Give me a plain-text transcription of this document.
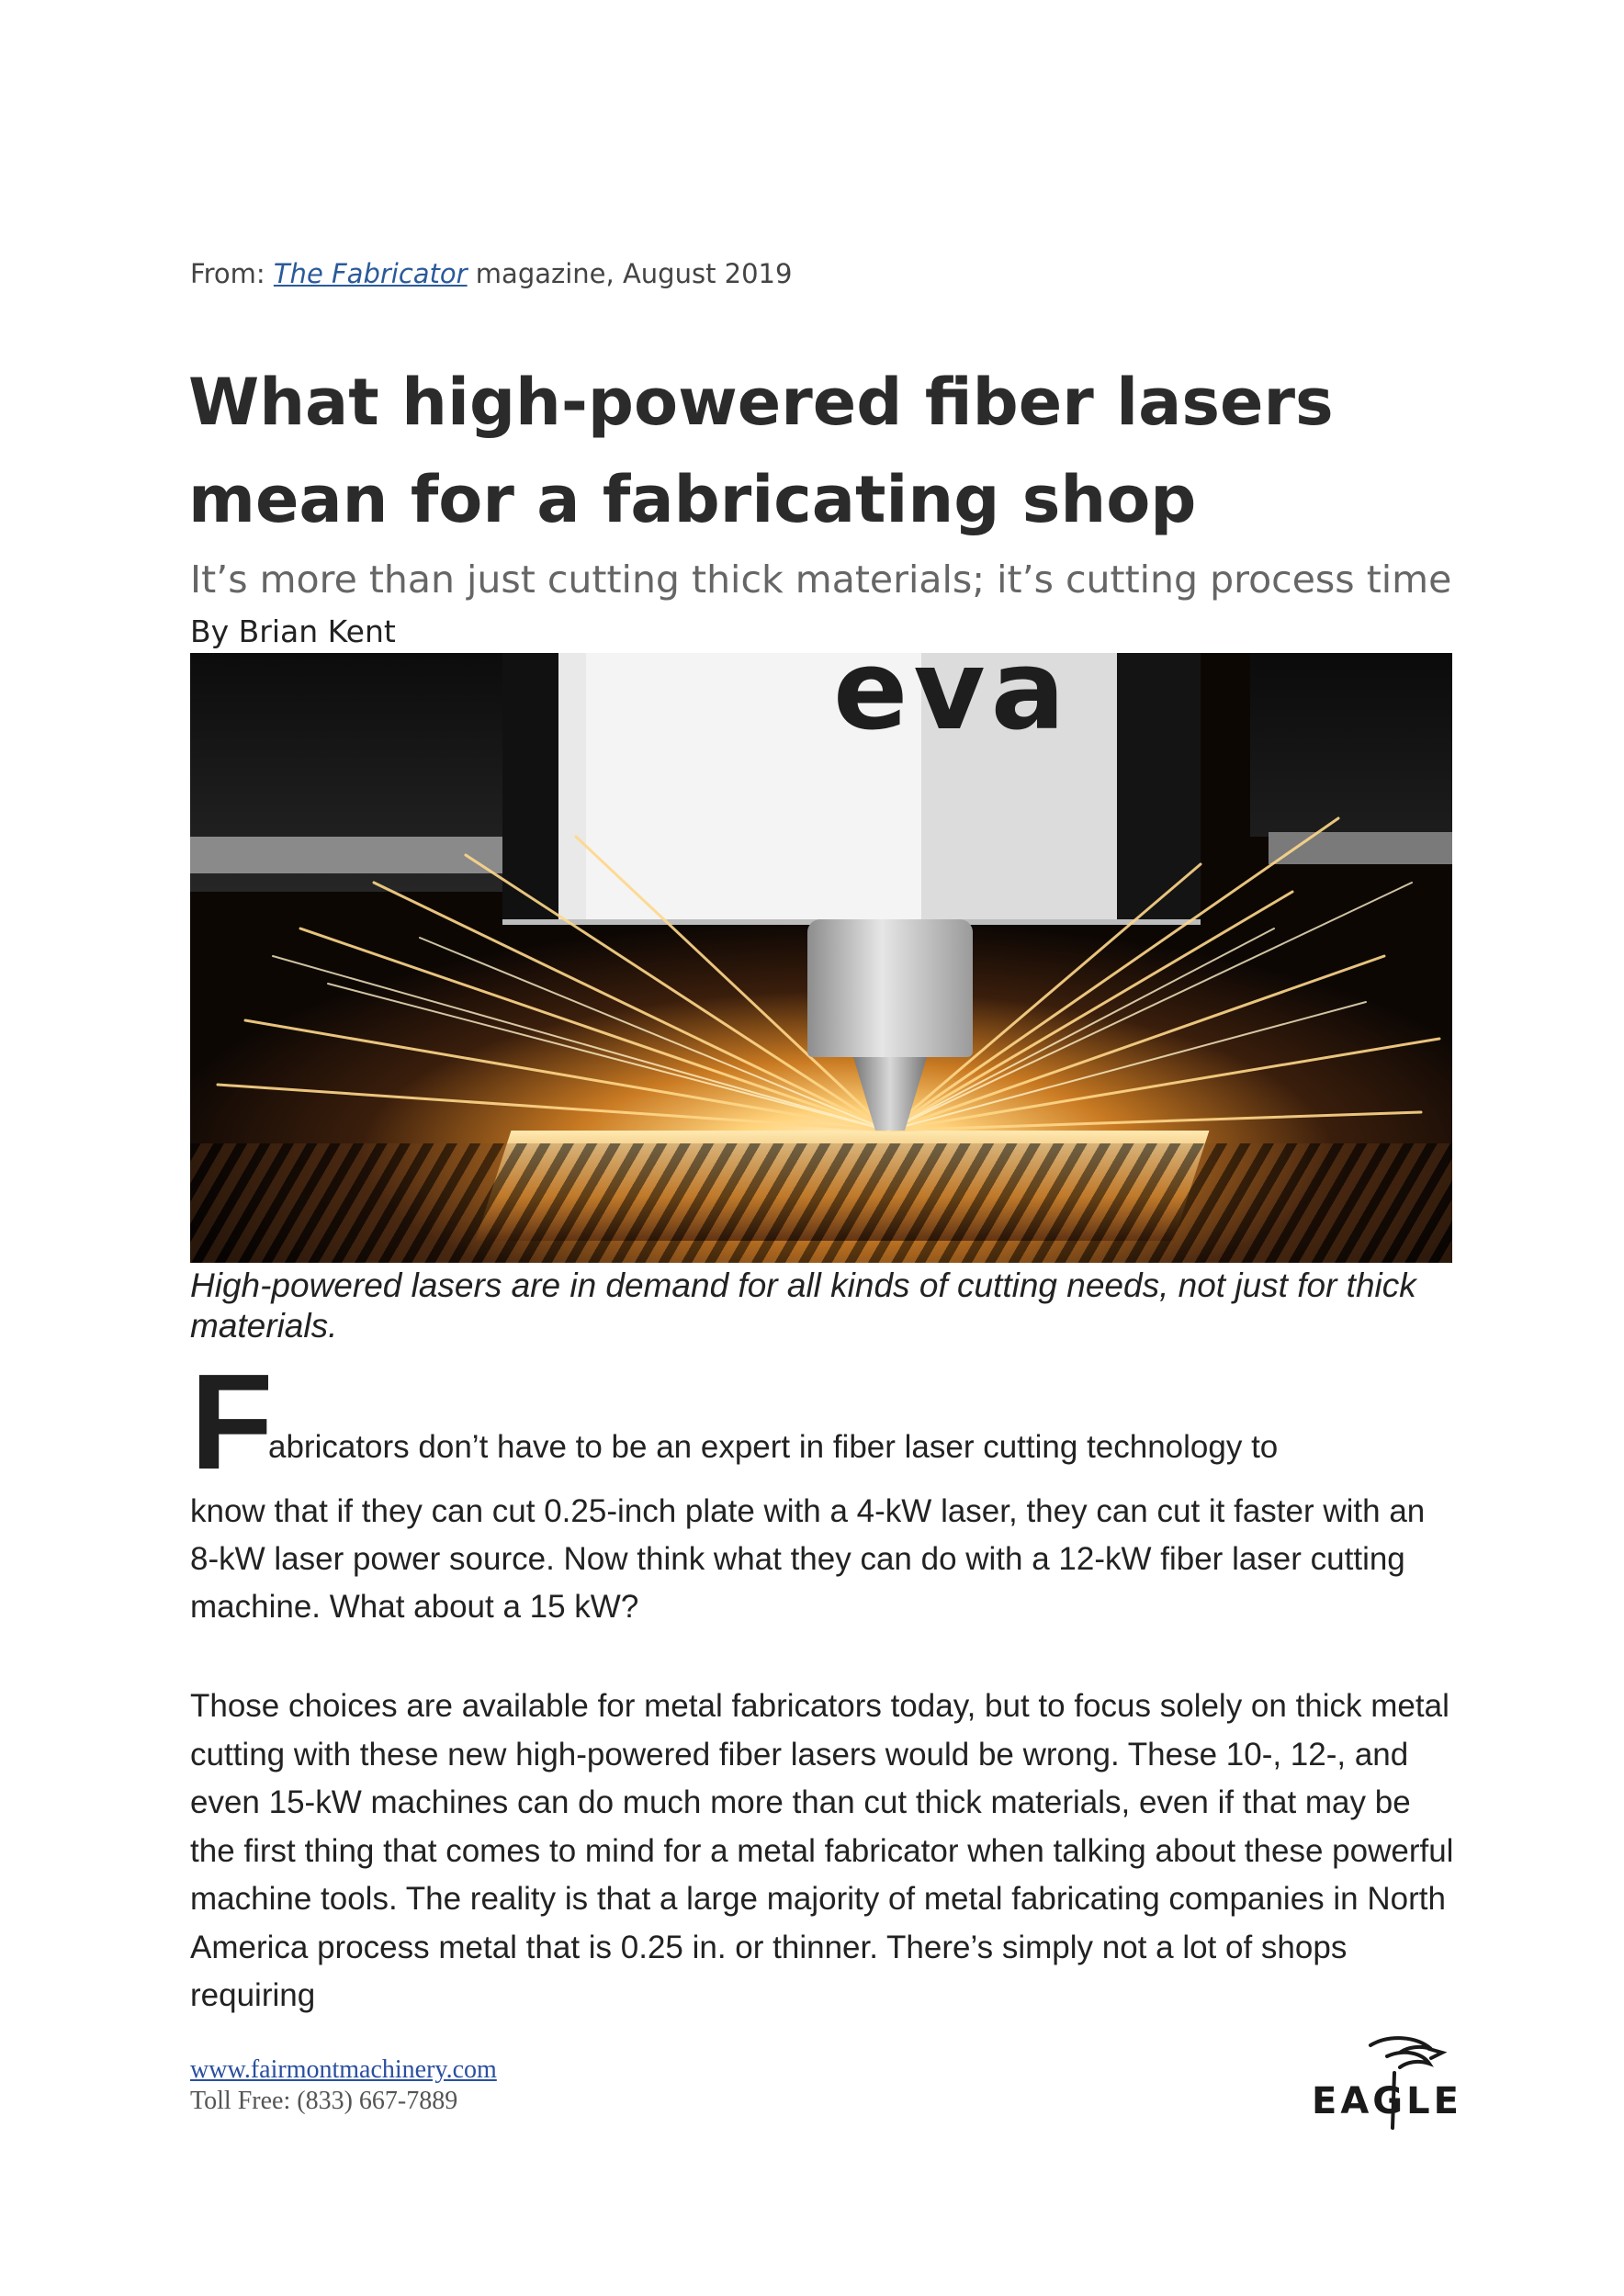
From: The Fabricator magazine, August 2019
What high-powered fiber lasers mean for a fabricating shop

It’s more than just cutting thick materials; it’s cutting process time

By Brian Kent	eva

High-powered lasers are in demand for all kinds of cutting needs, not just for thick materials.

F
abricators don’t have to be an expert in fiber laser cutting technology to

know that if they can cut 0.25-inch plate with a 4-kW laser, they can cut it faster with an 8-kW laser power source. Now think what they can do with a 12-kW fiber laser cutting machine. What about a 15 kW?

Those choices are available for metal fabricators today, but to focus solely on thick metal cutting with these new high-powered fiber lasers would be wrong. These 10-, 12-, and even 15-kW machines can do much more than cut thick materials, even if that may be the first thing that comes to mind for a metal fabricator when talking about these powerful machine tools. The reality is that a large majority of metal fabricating companies in North America process metal that is 0.25 in. or thinner. There’s simply not a lot of shops requiring

www.fairmontmachinery.com
Toll Free: (833) 667-7889	EAGLE
